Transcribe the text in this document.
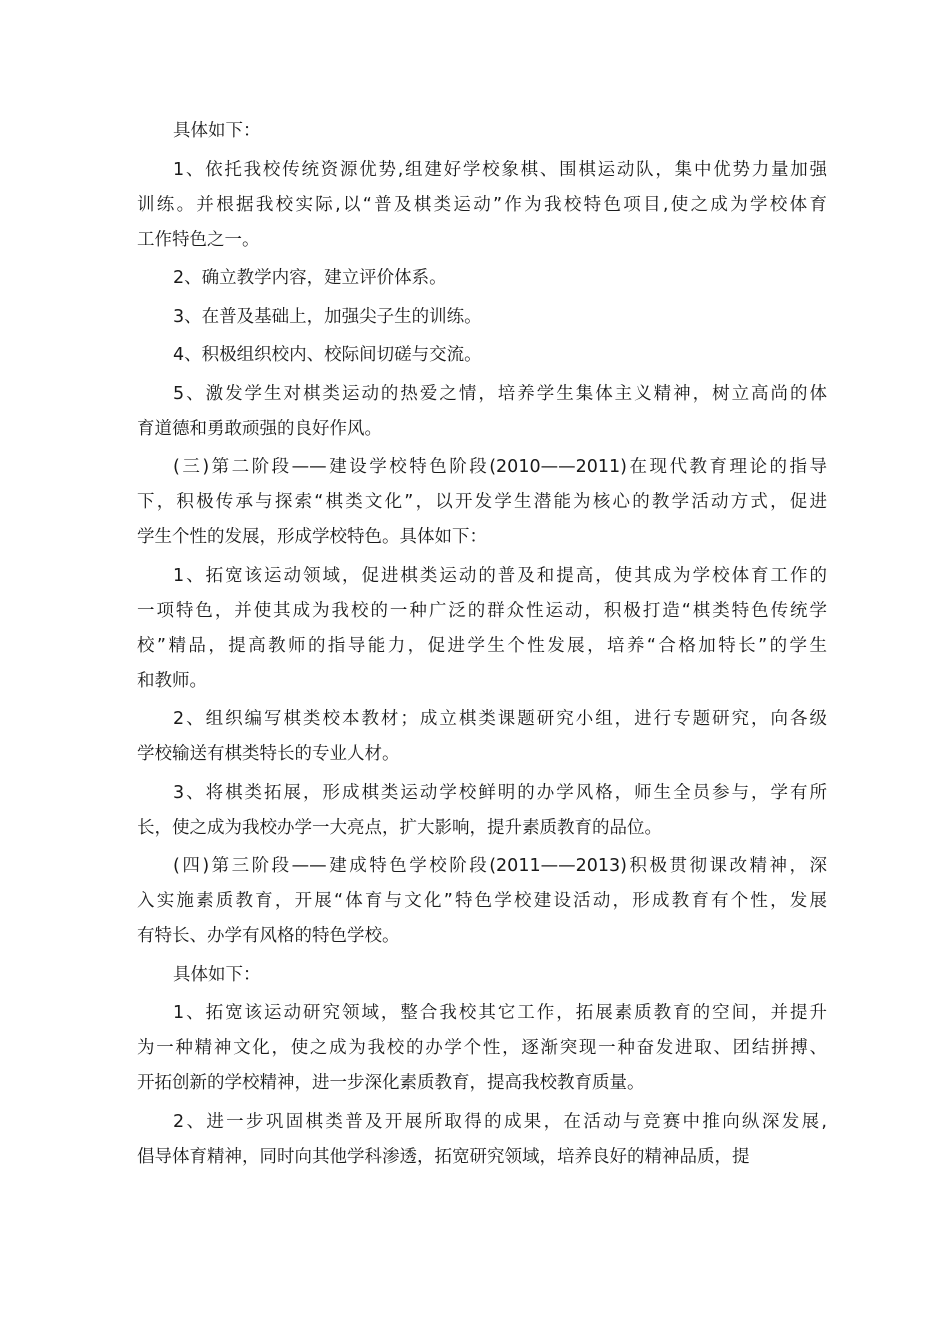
具体如下：
1、依托我校传统资源优势,组建好学校象棋、围棋运动队，集中优势力量加强
训练。并根据我校实际,以“普及棋类运动”作为我校特色项目,使之成为学校体育
工作特色之一。
2、确立教学内容，建立评价体系。
3、在普及基础上，加强尖子生的训练。
4、积极组织校内、校际间切磋与交流。
5、激发学生对棋类运动的热爱之情，培养学生集体主义精神，树立高尚的体
育道德和勇敢顽强的良好作风。
(三)第二阶段——建设学校特色阶段(2010——2011)在现代教育理论的指导
下，积极传承与探索“棋类文化”，以开发学生潜能为核心的教学活动方式，促进
学生个性的发展，形成学校特色。具体如下：
1、拓宽该运动领域，促进棋类运动的普及和提高，使其成为学校体育工作的
一项特色，并使其成为我校的一种广泛的群众性运动，积极打造“棋类特色传统学
校”精品，提高教师的指导能力，促进学生个性发展，培养“合格加特长”的学生
和教师。
2、组织编写棋类校本教材；成立棋类课题研究小组，进行专题研究，向各级
学校输送有棋类特长的专业人材。
3、将棋类拓展，形成棋类运动学校鲜明的办学风格，师生全员参与，学有所
长，使之成为我校办学一大亮点，扩大影响，提升素质教育的品位。
(四)第三阶段——建成特色学校阶段(2011——2013)积极贯彻课改精神，深
入实施素质教育，开展“体育与文化”特色学校建设活动，形成教育有个性，发展
有特长、办学有风格的特色学校。
具体如下：
1、拓宽该运动研究领域，整合我校其它工作，拓展素质教育的空间，并提升
为一种精神文化，使之成为我校的办学个性，逐渐突现一种奋发进取、团结拼搏、
开拓创新的学校精神，进一步深化素质教育，提高我校教育质量。
2、进一步巩固棋类普及开展所取得的成果，在活动与竞赛中推向纵深发展,
倡导体育精神，同时向其他学科渗透，拓宽研究领域，培养良好的精神品质，提
